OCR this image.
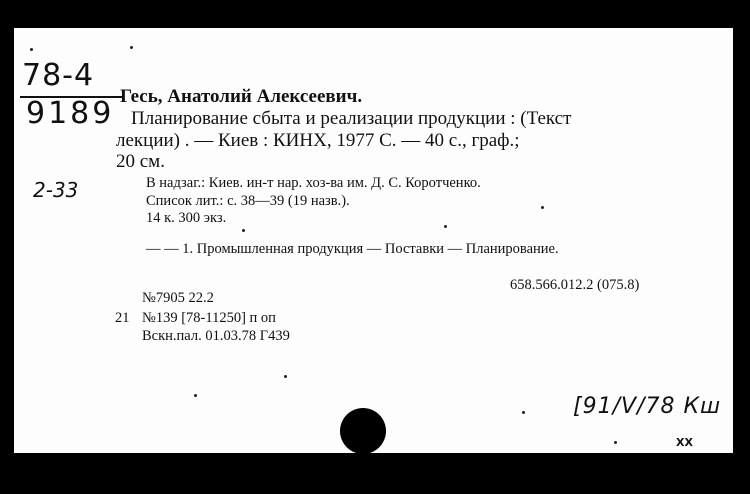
78-4
9189
2-33
Гесь, Анатолий Алексеевич.
Планирование сбыта и реализации продукции : (Текст
лекции) . — Киев : КИНХ, 1977 С. — 40 с., граф.;
20 см.
В надзаг.: Киев. ин-т нар. хоз-ва им. Д. С. Коротченко.
Список лит.: с. 38—39 (19 назв.).
14 к. 300 экз.
— — 1. Промышленная продукция — Поставки — Планирование.
658.566.012.2 (075.8)
21
№7905 22.2
№139 [78-11250] п оп
Вскн.пал. 01.03.78 Г439
[91/V/78 Кш
ХХ
